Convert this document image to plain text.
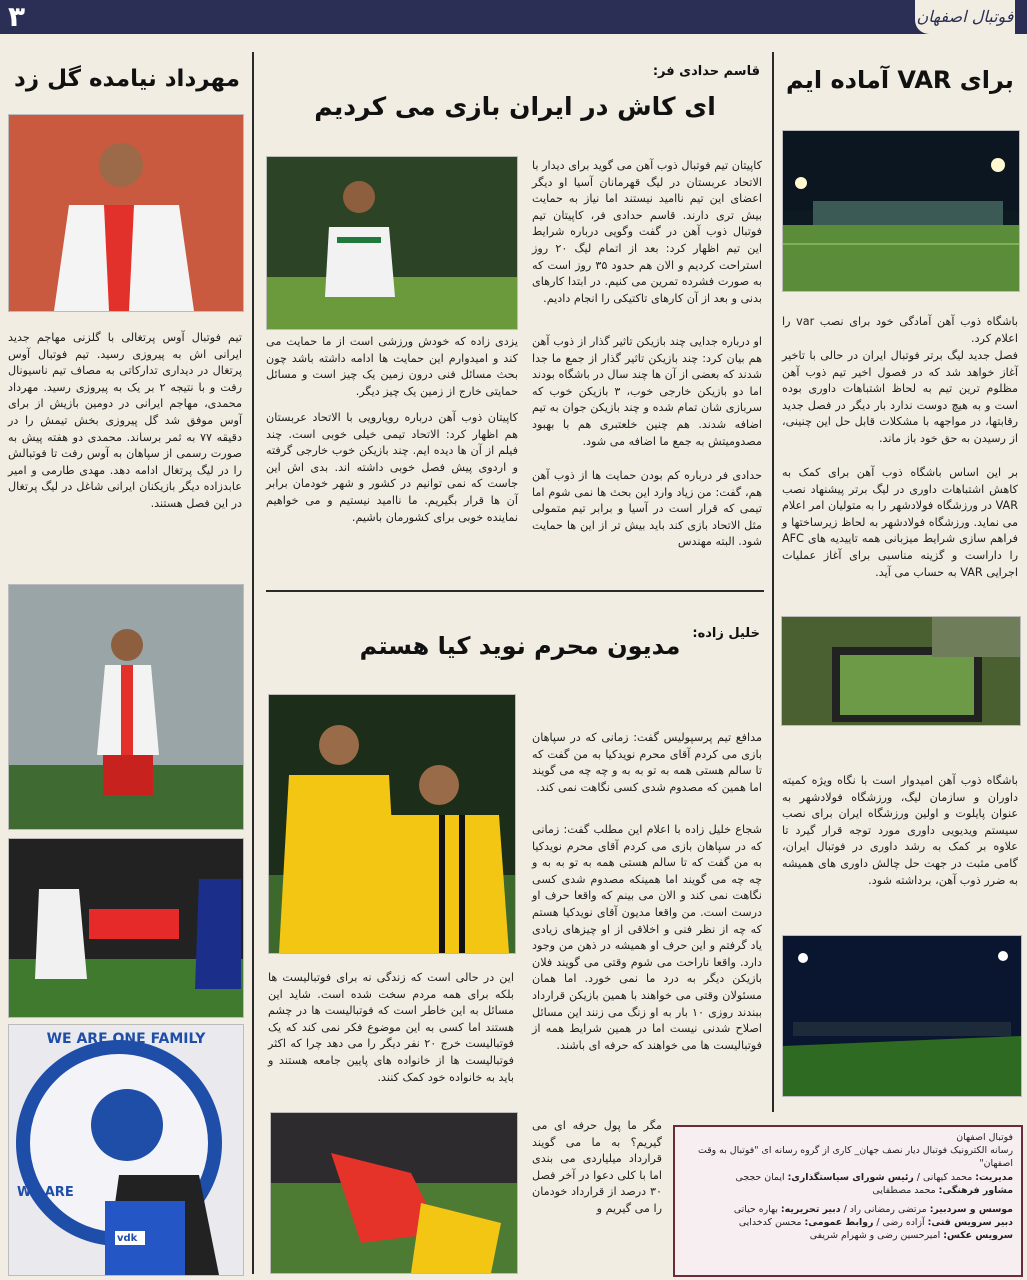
۳	فوتبال اصفهان
برای VAR آماده ایم
باشگاه ذوب آهن آمادگی خود برای نصب var را اعلام کرد.
فصل جدید لیگ برتر فوتبال ایران در حالی با تاخیر آغاز خواهد شد که در فصول اخیر تیم ذوب آهن مظلوم ترین تیم به لحاظ اشتباهات داوری بوده است و به هیچ دوست ندارد بار دیگر در فصل جدید رقابتها، در مواجهه با مشکلات قابل حل این چنینی، از رسیدن به حق خود باز ماند.
بر این اساس باشگاه ذوب آهن برای کمک به کاهش اشتباهات داوری در لیگ برتر پیشنهاد نصب VAR در ورزشگاه فولادشهر را به متولیان امر اعلام می نماید. ورزشگاه فولادشهر به لحاظ زیرساختها و فراهم سازی شرایط میزبانی همه تاییدیه های AFC را داراست و گزینه مناسبی برای آغاز عملیات اجرایی VAR به حساب می آید.
باشگاه ذوب آهن امیدوار است با نگاه ویژه کمیته داوران و سازمان لیگ، ورزشگاه فولادشهر به عنوان پایلوت و اولین ورزشگاه ایران برای نصب سیستم ویدیویی داوری مورد توجه قرار گیرد تا علاوه بر کمک به رشد داوری در فوتبال ایران، گامی مثبت در جهت حل چالش داوری های همیشه به ضرر ذوب آهن، برداشته شود.
قاسم حدادی فر:
ای کاش در ایران بازی می کردیم
کاپیتان تیم فوتبال ذوب آهن می گوید برای دیدار با الاتحاد عربستان در لیگ قهرمانان آسیا او دیگر اعضای این تیم ناامید نیستند اما نیاز به حمایت بیش تری دارند. قاسم حدادی فر، کاپیتان تیم فوتبال ذوب آهن در گفت وگویی درباره شرایط این تیم اظهار کرد: بعد از اتمام لیگ ۲۰ روز استراحت کردیم و الان هم حدود ۳۵ روز است که به صورت فشرده تمرین می کنیم. در ابتدا کارهای بدنی و بعد از آن کارهای تاکتیکی را انجام دادیم.
او درباره جدایی چند بازیکن تاثیر گذار از ذوب آهن هم بیان کرد: چند بازیکن تاثیر گذار از جمع ما جدا شدند که بعضی از آن ها چند سال در باشگاه بودند اما دو بازیکن خارجی خوب، ۳ بازیکن خوب که سربازی شان تمام شده و چند بازیکن جوان به تیم اضافه شدند. هم چنین خلعتبری هم با بهبود مصدومیتش به جمع ما اضافه می شود.
حدادی فر درباره کم بودن حمایت ها از ذوب آهن هم، گفت: من زیاد وارد این بحث ها نمی شوم اما تیمی که قرار است در آسیا و برابر تیم متمولی مثل الاتحاد بازی کند باید بیش تر از این ها حمایت شود. البته مهندس
یزدی زاده که خودش ورزشی است از ما حمایت می کند و امیدوارم این حمایت ها ادامه داشته باشد چون بحث مسائل فنی درون زمین یک چیز است و مسائل حمایتی خارج از زمین یک چیز دیگر.
کاپیتان ذوب آهن درباره رویارویی با الاتحاد عربستان هم اظهار کرد: الاتحاد تیمی خیلی خوبی است. چند فیلم از آن ها دیده ایم. چند بازیکن خوب خارجی گرفته و اردوی پیش فصل خوبی داشته اند. بدی اش این جاست که نمی توانیم در کشور و شهر خودمان برابر آن ها قرار بگیریم. ما ناامید نیستیم و می خواهیم نماینده خوبی برای کشورمان باشیم.
خلیل زاده:
مدیون محرم نوید کیا هستم
مدافع تیم پرسپولیس گفت: زمانی که در سپاهان بازی می کردم آقای محرم نویدکیا به من گفت که تا سالم هستی همه به تو به به و چه چه می گویند اما همین که مصدوم شدی کسی نگاهت نمی کند.
شجاع خلیل زاده با اعلام این مطلب گفت: زمانی که در سپاهان بازی می کردم آقای محرم نویدکیا به من گفت که تا سالم هستی همه به تو به به و چه چه می گویند اما همینکه مصدوم شدی کسی نگاهت نمی کند و الان می بینم که واقعا حرف او درست است. من واقعا مدیون آقای نویدکیا هستم که چه از نظر فنی و اخلاقی از او چیزهای زیادی یاد گرفتم و این حرف او همیشه در ذهن من وجود دارد. واقعا ناراحت می شوم وقتی می گویند فلان بازیکن دیگر به درد ما نمی خورد. اما همان مسئولان وقتی می خواهند با همین بازیکن قرارداد ببندند روزی ۱۰ بار به او زنگ می زنند این مسائل اصلاح شدنی نیست اما در همین شرایط همه از فوتبالیست ها می خواهند که حرفه ای باشند.
این در حالی است که زندگی نه برای فوتبالیست ها بلکه برای همه مردم سخت شده است. شاید این مسائل به این خاطر است که فوتبالیست ها در چشم هستند اما کسی به این موضوع فکر نمی کند که یک فوتبالیست خرج ۲۰ نفر دیگر را می دهد چرا که اکثر فوتبالیست ها از خانواده های پایین جامعه هستند و باید به خانواده خود کمک کنند.
مگر ما پول حرفه ای می گیریم؟ به ما می گویند قرارداد میلیاردی می بندی اما با کلی دعوا در آخر فصل ۳۰ درصد از قرارداد خودمان را می گیریم و
مهرداد نیامده گل زد
تیم فوتبال آوس پرتغالی با گلزنی مهاجم جدید ایرانی اش به پیروزی رسید. تیم فوتبال آوس پرتغال در دیداری تدارکاتی به مصاف تیم ناسیونال رفت و با نتیجه ۲ بر یک به پیروزی رسید. مهرداد محمدی، مهاجم ایرانی در دومین بازیش از برای آوس موفق شد گل پیروزی بخش تیمش را در دقیقه ۷۷ به ثمر برساند. محمدی دو هفته پیش به صورت رسمی از سپاهان به آوس رفت تا فوتبالش را در لیگ پرتغال ادامه دهد. مهدی طارمی و امیر عابدزاده دیگر بازیکنان ایرانی شاغل در لیگ پرتغال در این فصل هستند.
WE ARE ONE FAMILY
WE ARE
vdk
فوتبال اصفهان
رسانه الکترونیک فوتبال دیار نصف جهان_ کاری از گروه رسانه ای "فوتبال به وقت اصفهان"
مدیریت: محمد کیهانی / رئیس شورای سیاستگذاری: ایمان حججی
مشاور فرهنگی: محمد مصطفایی
موسس و سردبیر: مرتضی رمضانی راد / دبیر تحریریه: بهاره حیاتی
دبیر سرویس فنی: آزاده رضی / روابط عمومی: محسن کدخدایی
سرویس عکس: امیرحسین رضی و شهرام شریفی
